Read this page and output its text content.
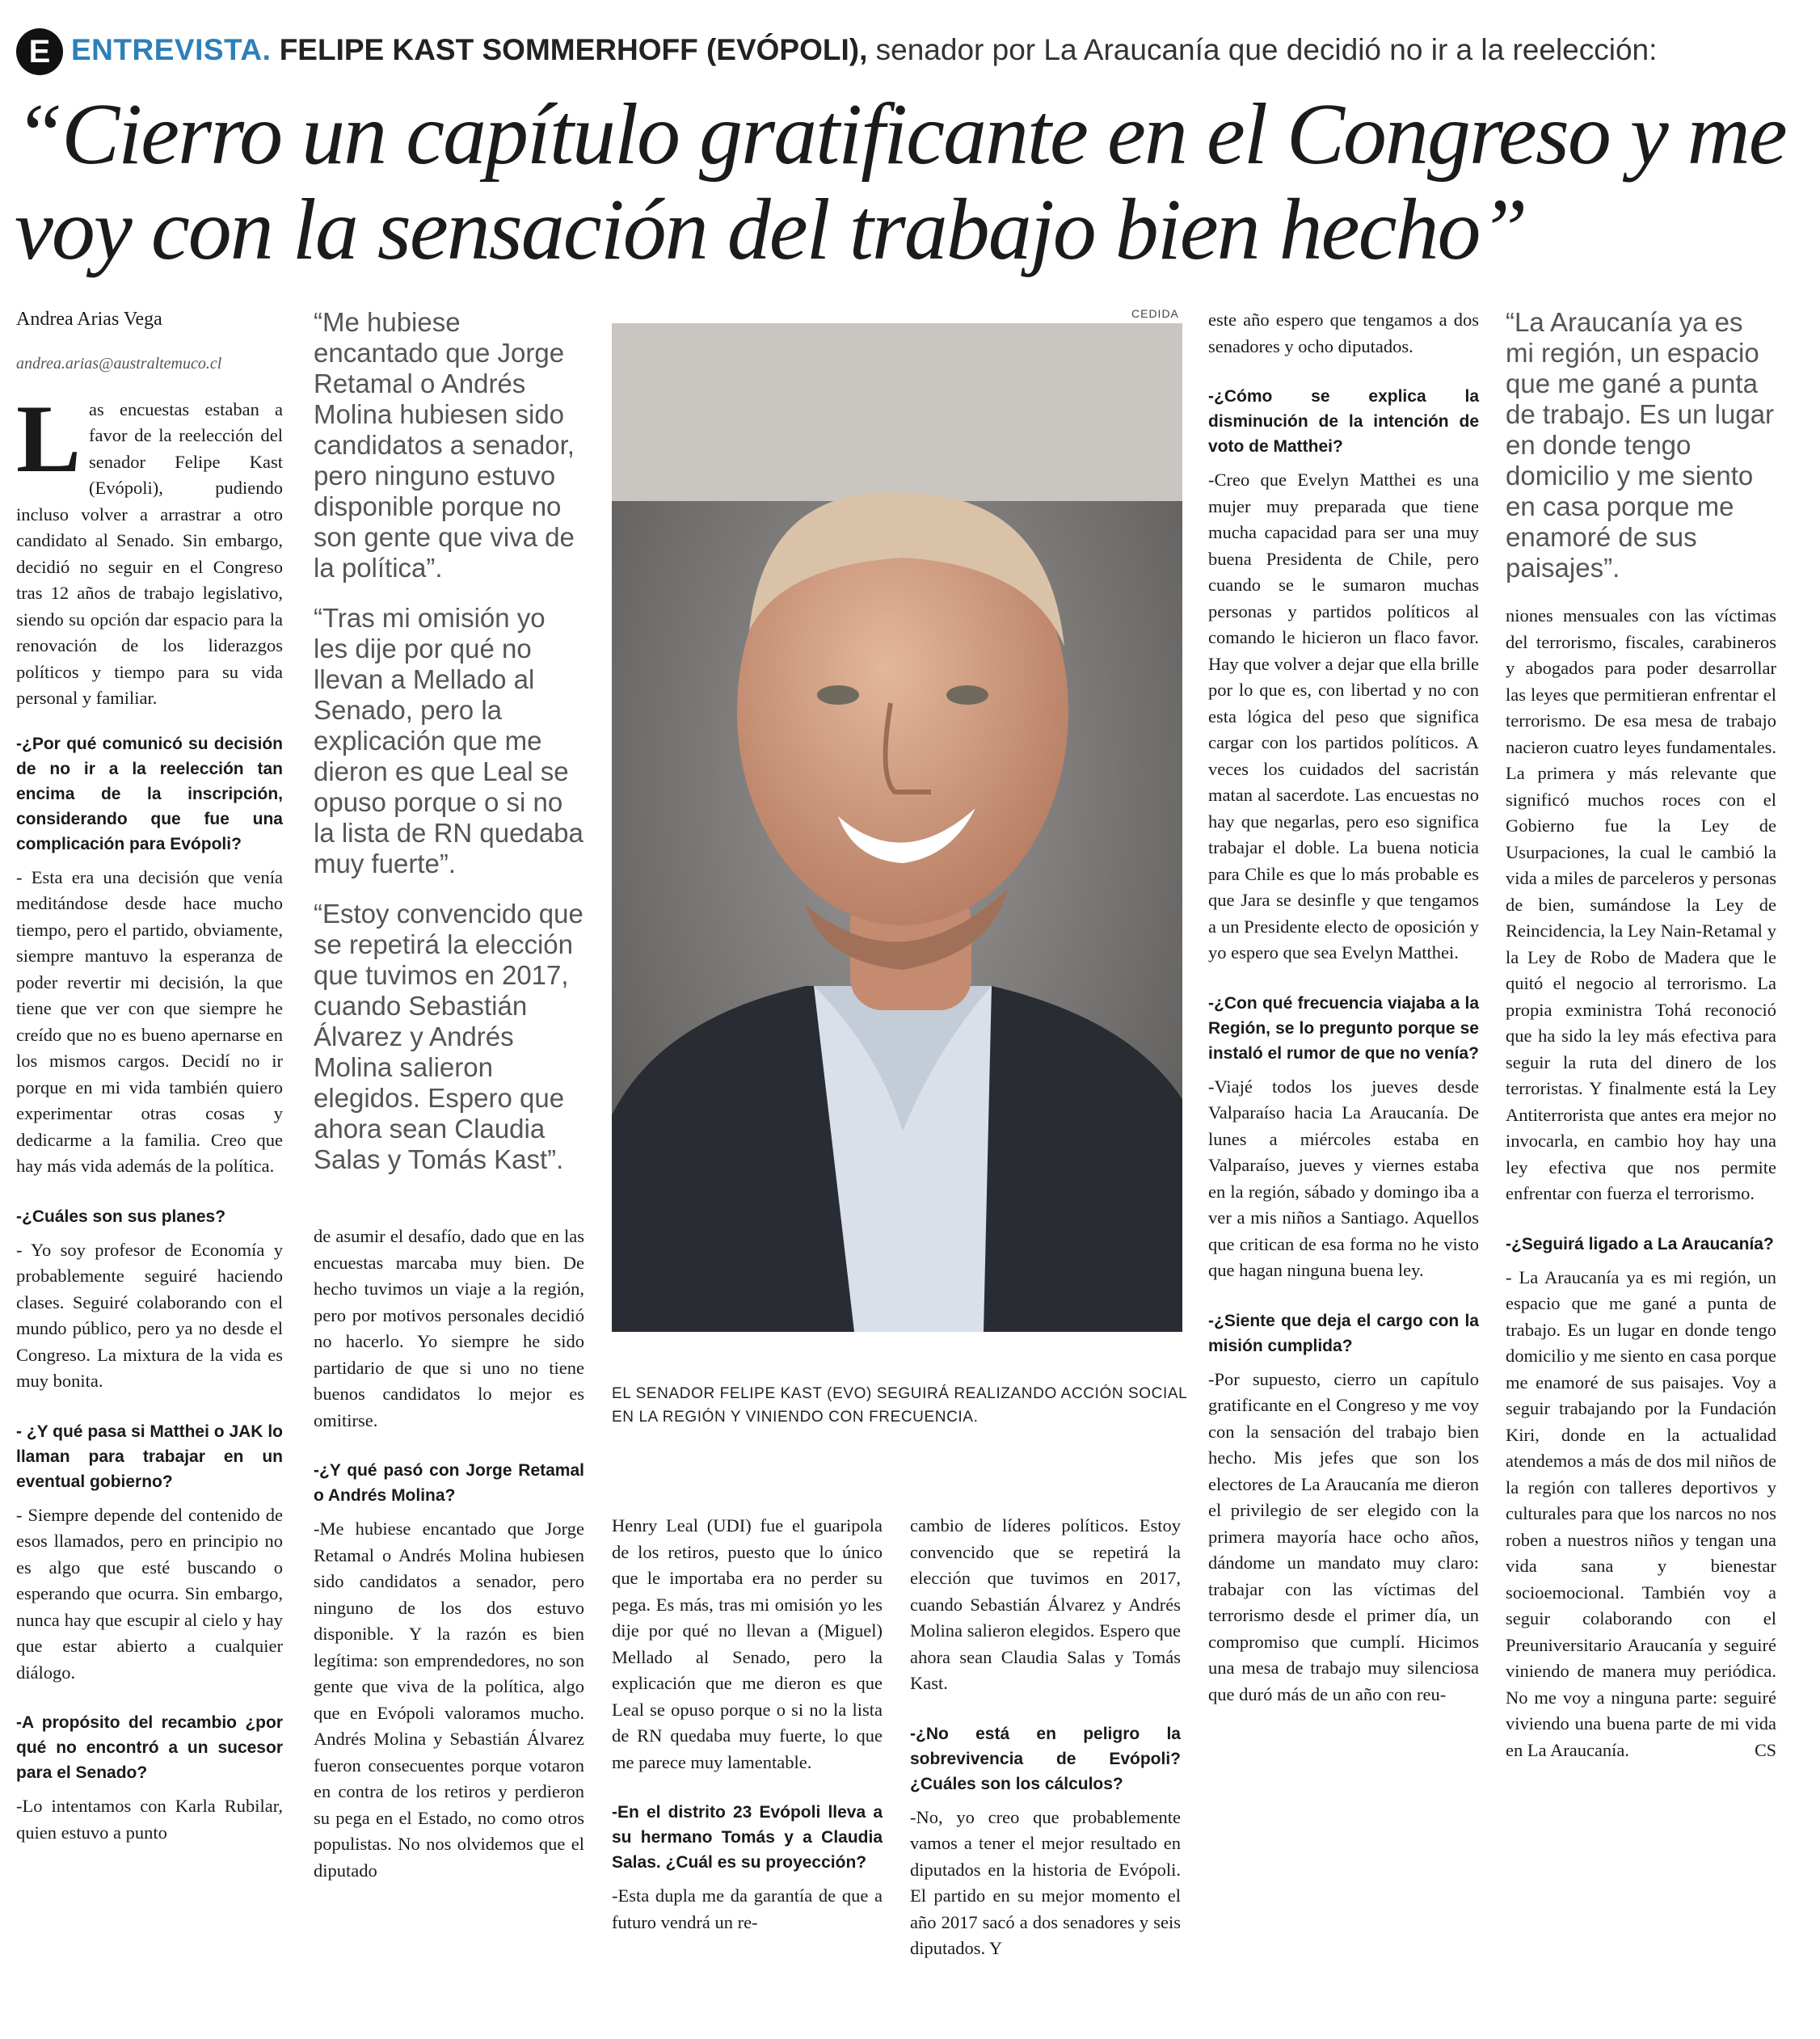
E ENTREVISTA. FELIPE KAST SOMMERHOFF (EVÓPOLI), senador por La Araucanía que decidió no ir a la reelección:
“Cierro un capítulo gratificante en el Congreso y me voy con la sensación del trabajo bien hecho”

Andrea Arias Vega

andrea.arias@australtemuco.cl

Las encuestas estaban a favor de la reelección del senador Felipe Kast (Evópoli), pudiendo incluso volver a arrastrar a otro candidato al Senado. Sin embargo, decidió no seguir en el Congreso tras 12 años de trabajo legislativo, siendo su opción dar espacio para la renovación de los liderazgos políticos y tiempo para su vida personal y familiar.

-¿Por qué comunicó su decisión de no ir a la reelección tan encima de la inscripción, considerando que fue una complicación para Evópoli?

- Esta era una decisión que venía meditándose desde hace mucho tiempo, pero el partido, obviamente, siempre mantuvo la esperanza de poder revertir mi decisión, la que tiene que ver con que siempre he creído que no es bueno apernarse en los mismos cargos. Decidí no ir porque en mi vida también quiero experimentar otras cosas y dedicarme a la familia. Creo que hay más vida además de la política.

-¿Cuáles son sus planes?

- Yo soy profesor de Economía y probablemente seguiré haciendo clases. Seguiré colaborando con el mundo público, pero ya no desde el Congreso. La mixtura de la vida es muy bonita.

- ¿Y qué pasa si Matthei o JAK lo llaman para trabajar en un eventual gobierno?

- Siempre depende del contenido de esos llamados, pero en principio no es algo que esté buscando o esperando que ocurra. Sin embargo, nunca hay que escupir al cielo y hay que estar abierto a cualquier diálogo.

-A propósito del recambio ¿por qué no encontró a un sucesor para el Senado?

-Lo intentamos con Karla Rubilar, quien estuvo a punto

“Me hubiese encantado que Jorge Retamal o Andrés Molina hubiesen sido candidatos a senador, pero ninguno estuvo disponible porque no son gente que viva de la política”.

“Tras mi omisión yo les dije por qué no llevan a Mellado al Senado, pero la explicación que me dieron es que Leal se opuso porque o si no la lista de RN quedaba muy fuerte”.

“Estoy convencido que se repetirá la elección que tuvimos en 2017, cuando Sebastián Álvarez y Andrés Molina salieron elegidos. Espero que ahora sean Claudia Salas y Tomás Kast”.

de asumir el desafío, dado que en las encuestas marcaba muy bien. De hecho tuvimos un viaje a la región, pero por motivos personales decidió no hacerlo. Yo siempre he sido partidario de que si uno no tiene buenos candidatos lo mejor es omitirse.

-¿Y qué pasó con Jorge Retamal o Andrés Molina?

-Me hubiese encantado que Jorge Retamal o Andrés Molina hubiesen sido candidatos a senador, pero ninguno de los dos estuvo disponible. Y la razón es bien legítima: son emprendedores, no son gente que viva de la política, algo que en Evópoli valoramos mucho. Andrés Molina y Sebastián Álvarez fueron consecuentes porque votaron en contra de los retiros y perdieron su pega en el Estado, no como otros populistas. No nos olvidemos que el diputado

CEDIDA
EL SENADOR FELIPE KAST (EVO) SEGUIRÁ REALIZANDO ACCIÓN SOCIAL EN LA REGIÓN Y VINIENDO CON FRECUENCIA.

Henry Leal (UDI) fue el guaripola de los retiros, puesto que lo único que le importaba era no perder su pega. Es más, tras mi omisión yo les dije por qué no llevan a (Miguel) Mellado al Senado, pero la explicación que me dieron es que Leal se opuso porque o si no la lista de RN quedaba muy fuerte, lo que me parece muy lamentable.

-En el distrito 23 Evópoli lleva a su hermano Tomás y a Claudia Salas. ¿Cuál es su proyección?

-Esta dupla me da garantía de que a futuro vendrá un re-

cambio de líderes políticos. Estoy convencido que se repetirá la elección que tuvimos en 2017, cuando Sebastián Álvarez y Andrés Molina salieron elegidos. Espero que ahora sean Claudia Salas y Tomás Kast.

-¿No está en peligro la sobrevivencia de Evópoli? ¿Cuáles son los cálculos?

-No, yo creo que probablemente vamos a tener el mejor resultado en diputados en la historia de Evópoli. El partido en su mejor momento el año 2017 sacó a dos senadores y seis diputados. Y

este año espero que tengamos a dos senadores y ocho diputados.

-¿Cómo se explica la disminución de la intención de voto de Matthei?

-Creo que Evelyn Matthei es una mujer muy preparada que tiene mucha capacidad para ser una muy buena Presidenta de Chile, pero cuando se le sumaron muchas personas y partidos políticos al comando le hicieron un flaco favor. Hay que volver a dejar que ella brille por lo que es, con libertad y no con esta lógica del peso que significa cargar con los partidos políticos. A veces los cuidados del sacristán matan al sacerdote. Las encuestas no hay que negarlas, pero eso significa trabajar el doble. La buena noticia para Chile es que lo más probable es que Jara se desinfle y que tengamos a un Presidente electo de oposición y yo espero que sea Evelyn Matthei.

-¿Con qué frecuencia viajaba a la Región, se lo pregunto porque se instaló el rumor de que no venía?

-Viajé todos los jueves desde Valparaíso hacia La Araucanía. De lunes a miércoles estaba en Valparaíso, jueves y viernes estaba en la región, sábado y domingo iba a ver a mis niños a Santiago. Aquellos que critican de esa forma no he visto que hagan ninguna buena ley.

-¿Siente que deja el cargo con la misión cumplida?

-Por supuesto, cierro un capítulo gratificante en el Congreso y me voy con la sensación del trabajo bien hecho. Mis jefes que son los electores de La Araucanía me dieron el privilegio de ser elegido con la primera mayoría hace ocho años, dándome un mandato muy claro: trabajar con las víctimas del terrorismo desde el primer día, un compromiso que cumplí. Hicimos una mesa de trabajo muy silenciosa que duró más de un año con reu-

“La Araucanía ya es mi región, un espacio que me gané a punta de trabajo. Es un lugar en donde tengo domicilio y me siento en casa porque me enamoré de sus paisajes”.

niones mensuales con las víctimas del terrorismo, fiscales, carabineros y abogados para poder desarrollar las leyes que permitieran enfrentar el terrorismo. De esa mesa de trabajo nacieron cuatro leyes fundamentales. La primera y más relevante que significó muchos roces con el Gobierno fue la Ley de Usurpaciones, la cual le cambió la vida a miles de parceleros y personas de bien, sumándose la Ley de Reincidencia, la Ley Nain-Retamal y la Ley de Robo de Madera que le quitó el negocio al terrorismo. La propia exministra Tohá reconoció que ha sido la ley más efectiva para seguir la ruta del dinero de los terroristas. Y finalmente está la Ley Antiterrorista que antes era mejor no invocarla, en cambio hoy hay una ley efectiva que nos permite enfrentar con fuerza el terrorismo.

-¿Seguirá ligado a La Araucanía?

- La Araucanía ya es mi región, un espacio que me gané a punta de trabajo. Es un lugar en donde tengo domicilio y me siento en casa porque me enamoré de sus paisajes. Voy a seguir trabajando por la Fundación Kiri, donde en la actualidad atendemos a más de dos mil niños de la región con talleres deportivos y culturales para que los narcos no nos roben a nuestros niños y tengan una vida sana y bienestar socioemocional. También voy a seguir colaborando con el Preuniversitario Araucanía y seguiré viniendo de manera muy periódica. No me voy a ninguna parte: seguiré viviendo una buena parte de mi vida en La Araucanía.	CS
